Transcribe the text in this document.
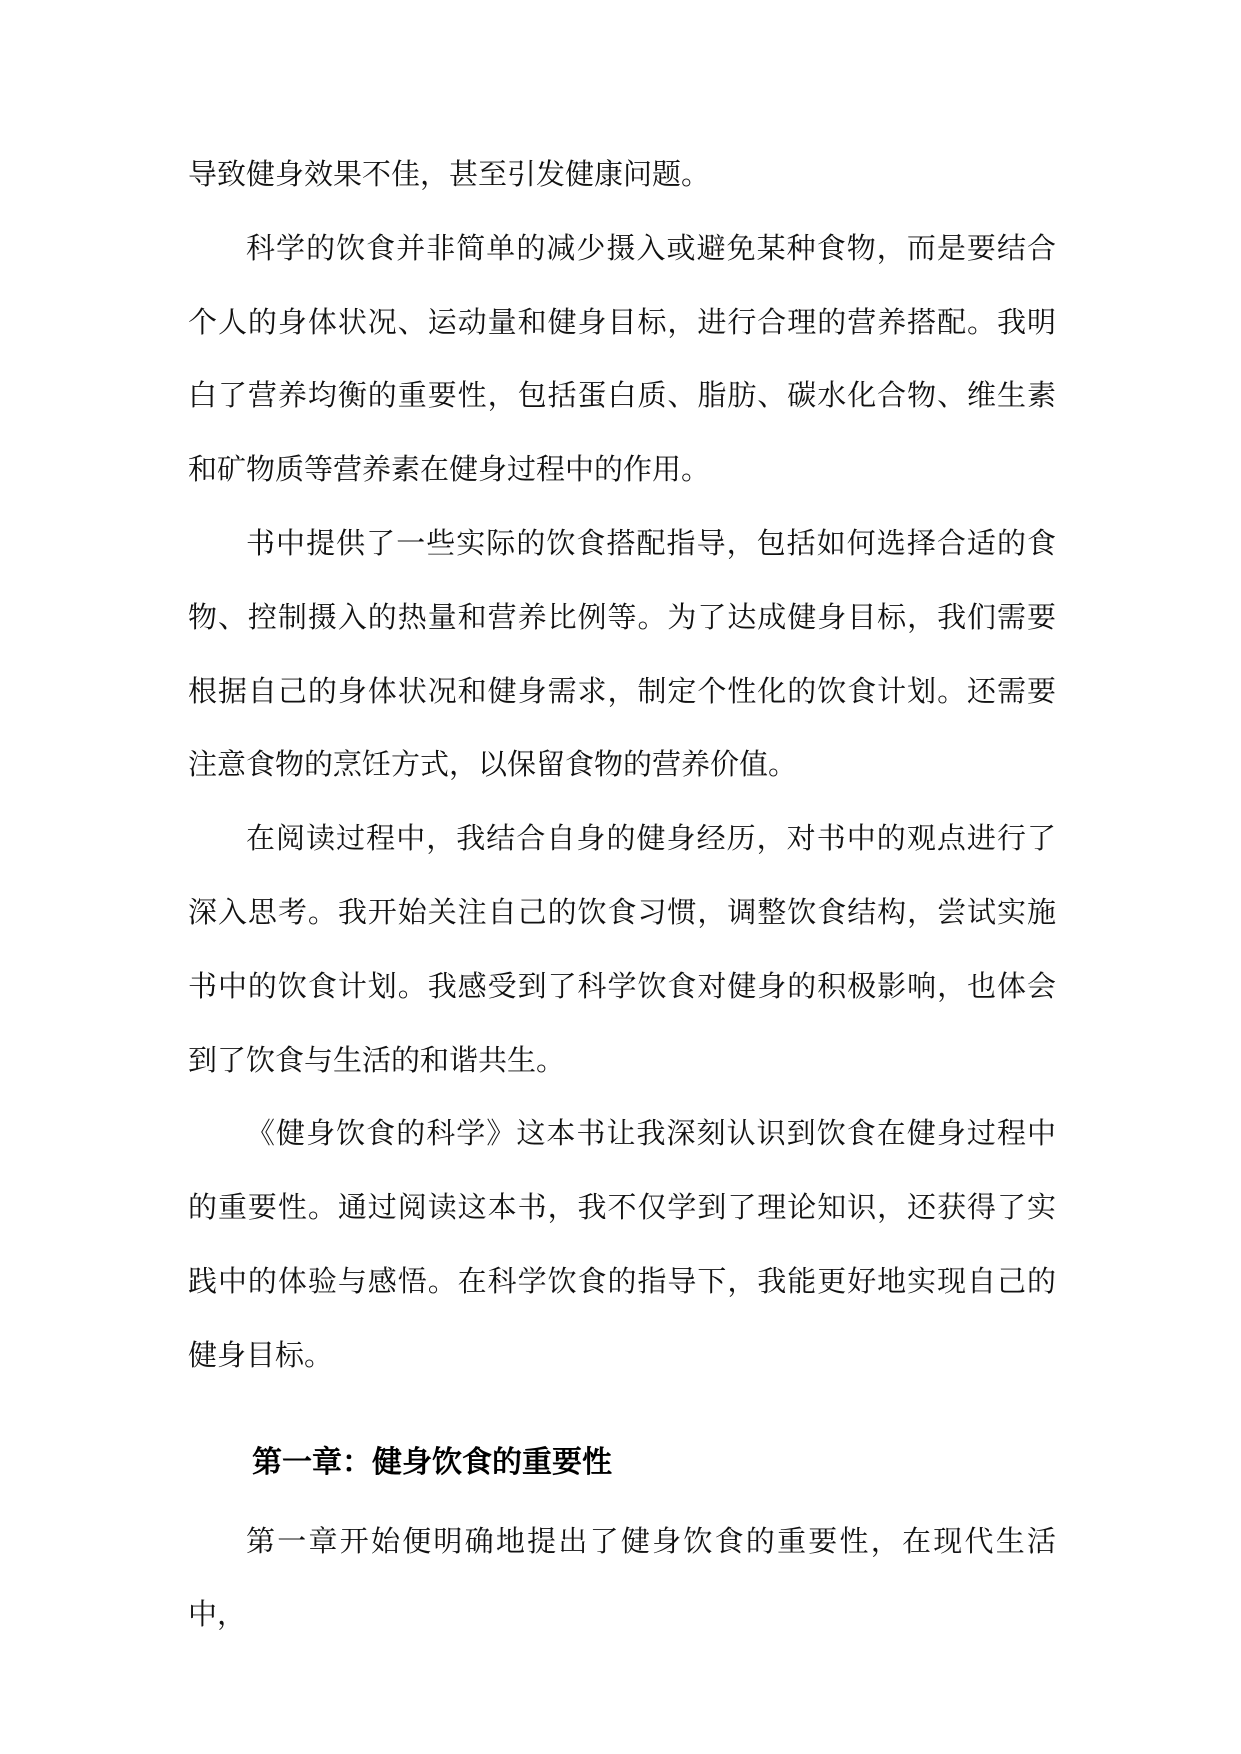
导致健身效果不佳，甚至引发健康问题。

科学的饮食并非简单的减少摄入或避免某种食物，而是要结合个人的身体状况、运动量和健身目标，进行合理的营养搭配。我明白了营养均衡的重要性，包括蛋白质、脂肪、碳水化合物、维生素和矿物质等营养素在健身过程中的作用。

书中提供了一些实际的饮食搭配指导，包括如何选择合适的食物、控制摄入的热量和营养比例等。为了达成健身目标，我们需要根据自己的身体状况和健身需求，制定个性化的饮食计划。还需要注意食物的烹饪方式，以保留食物的营养价值。

在阅读过程中，我结合自身的健身经历，对书中的观点进行了深入思考。我开始关注自己的饮食习惯，调整饮食结构，尝试实施书中的饮食计划。我感受到了科学饮食对健身的积极影响，也体会到了饮食与生活的和谐共生。

《健身饮食的科学》这本书让我深刻认识到饮食在健身过程中的重要性。通过阅读这本书，我不仅学到了理论知识，还获得了实践中的体验与感悟。在科学饮食的指导下，我能更好地实现自己的健身目标。

第一章：健身饮食的重要性

第一章开始便明确地提出了健身饮食的重要性，在现代生活中，
